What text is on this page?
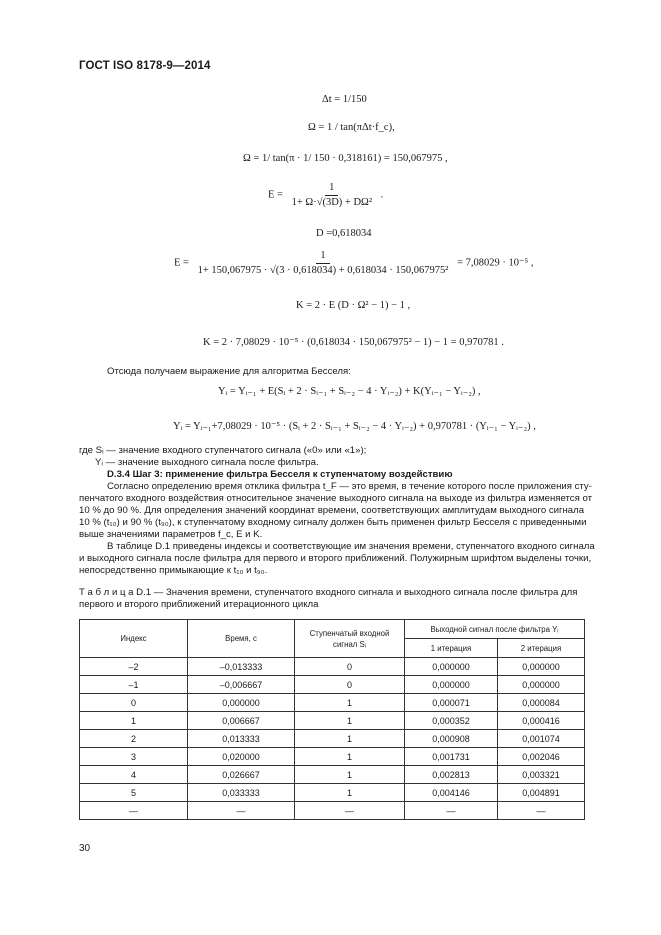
ГОСТ ISO 8178-9—2014
Δt = 1/150
Ω = 1 / tan(πΔt·f_c),
Ω = 1/ tan(π · 1/ 150 · 0,318161) = 150,067975 ,
$E = \frac{1}{\text{1+ Ω·√(3D) + DΩ²}}$ .
D =0,618034
$E = \frac{1}{\text{1+ 150,067975 · √(3 · 0,618034) + 0,618034 · 150,067975²}} = 7,08029 \cdot 10^{-5}$ ,
K = 2 · E (D · Ω² − 1) − 1 ,
K = 2 · 7,08029 · 10⁻⁵ · (0,618034 · 150,067975² − 1) − 1 = 0,970781 .
Отсюда получаем выражение для алгоритма Бесселя:
Yᵢ = Yᵢ₋₁ + E(Sᵢ + 2 · Sᵢ₋₁ + Sᵢ₋₂ − 4 · Yᵢ₋₂) + K(Yᵢ₋₁ − Yᵢ₋₂) ,
Yᵢ = Yᵢ₋₁+7,08029 · 10⁻⁵ · (Sᵢ + 2 · Sᵢ₋₁ + Sᵢ₋₂ − 4 · Yᵢ₋₂) + 0,970781 · (Yᵢ₋₁ − Yᵢ₋₂) ,
где Sᵢ — значение входного ступенчатого сигнала («0» или «1»);
Yᵢ — значение выходного сигнала после фильтра.
D.3.4 Шаг 3: применение фильтра Бесселя к ступенчатому воздействию
Согласно определению время отклика фильтра t_F — это время, в течение которого после приложения сту-
пенчатого входного воздействия относительное значение выходного сигнала на выходе из фильтра изменяется от
10 % до 90 %. Для определения значений координат времени, соответствующих амплитудам выходного сигнала
10 % (t₁₀) и 90 % (t₉₀), к ступенчатому входному сигналу должен быть применен фильтр Бесселя с приведенными
выше значениями параметров f_c, E и K.
В таблице D.1 приведены индексы и соответствующие им значения времени, ступенчатого входного сигнала
и выходного сигнала после фильтра для первого и второго приближений. Полужирным шрифтом выделены точки,
непосредственно примыкающие к t₁₀ и t₉₀.
Т а б л и ц а D.1 — Значения времени, ступенчатого входного сигнала и выходного сигнала после фильтра для
первого и второго приближений итерационного цикла
Индекс	Время, с	Ступенчатый входной сигнал Sᵢ	Выходной сигнал после фильтра Yᵢ	
			1 итерация	2 итерация
–2	–0,013333	0	0,000000	0,000000
–1	–0,006667	0	0,000000	0,000000
0	0,000000	1	0,000071	0,000084
1	0,006667	1	0,000352	0,000416
2	0,013333	1	0,000908	0,001074
3	0,020000	1	0,001731	0,002046
4	0,026667	1	0,002813	0,003321
5	0,033333	1	0,004146	0,004891
—	—	—	—	—
30
